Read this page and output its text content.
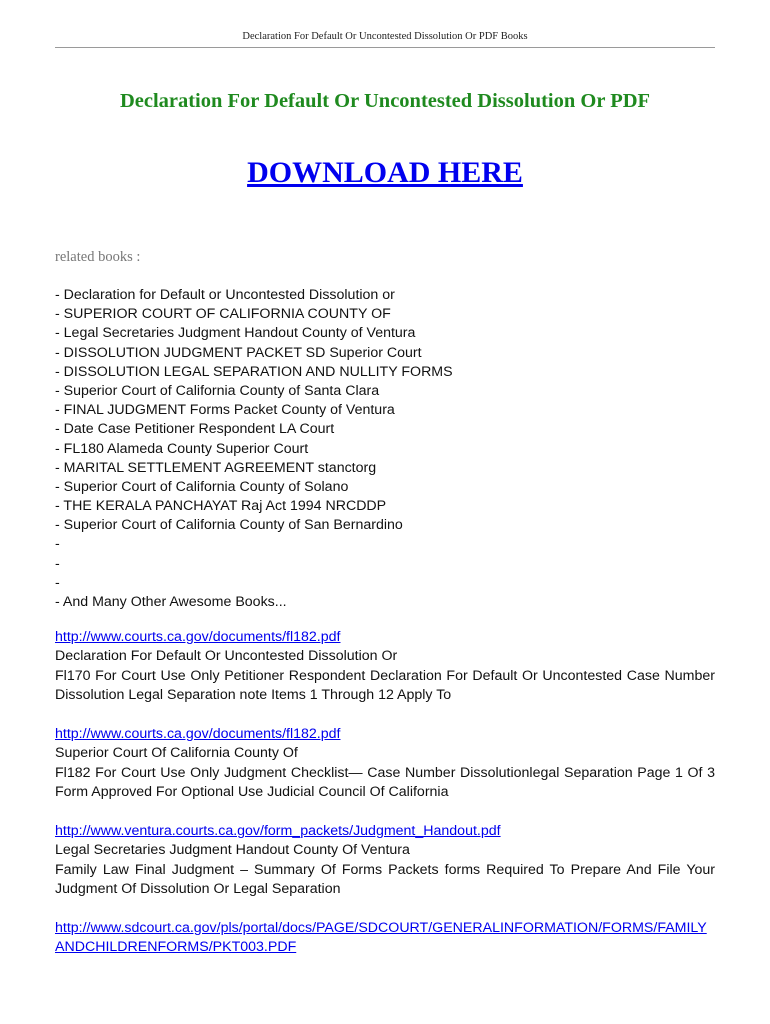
Declaration For Default Or Uncontested Dissolution Or PDF Books
Declaration For Default Or Uncontested Dissolution Or PDF
DOWNLOAD HERE
related books :
- Declaration for Default or Uncontested Dissolution or
- SUPERIOR COURT OF CALIFORNIA COUNTY OF
- Legal Secretaries Judgment Handout County of Ventura
- DISSOLUTION JUDGMENT PACKET SD Superior Court
- DISSOLUTION LEGAL SEPARATION AND NULLITY FORMS
- Superior Court of California County of Santa Clara
- FINAL JUDGMENT Forms Packet County of Ventura
- Date Case Petitioner Respondent LA Court
- FL180 Alameda County Superior Court
- MARITAL SETTLEMENT AGREEMENT stanctorg
- Superior Court of California County of Solano
- THE KERALA PANCHAYAT Raj Act 1994 NRCDDP
- Superior Court of California County of San Bernardino
-
-
-
- And Many Other Awesome Books...
http://www.courts.ca.gov/documents/fl182.pdf
Declaration For Default Or Uncontested Dissolution Or
Fl170 For Court Use Only Petitioner Respondent Declaration For Default Or Uncontested Case Number Dissolution Legal Separation note Items 1 Through 12 Apply To
http://www.courts.ca.gov/documents/fl182.pdf
Superior Court Of California County Of
Fl182 For Court Use Only Judgment Checklist— Case Number Dissolutionlegal Separation Page 1 Of 3 Form Approved For Optional Use Judicial Council Of California
http://www.ventura.courts.ca.gov/form_packets/Judgment_Handout.pdf
Legal Secretaries Judgment Handout County Of Ventura
Family Law Final Judgment – Summary Of Forms Packets forms Required To Prepare And File Your Judgment Of Dissolution Or Legal Separation
http://www.sdcourt.ca.gov/pls/portal/docs/PAGE/SDCOURT/GENERALINFORMATION/FORMS/FAMILYANDCHILDRENFORMS/PKT003.PDF
